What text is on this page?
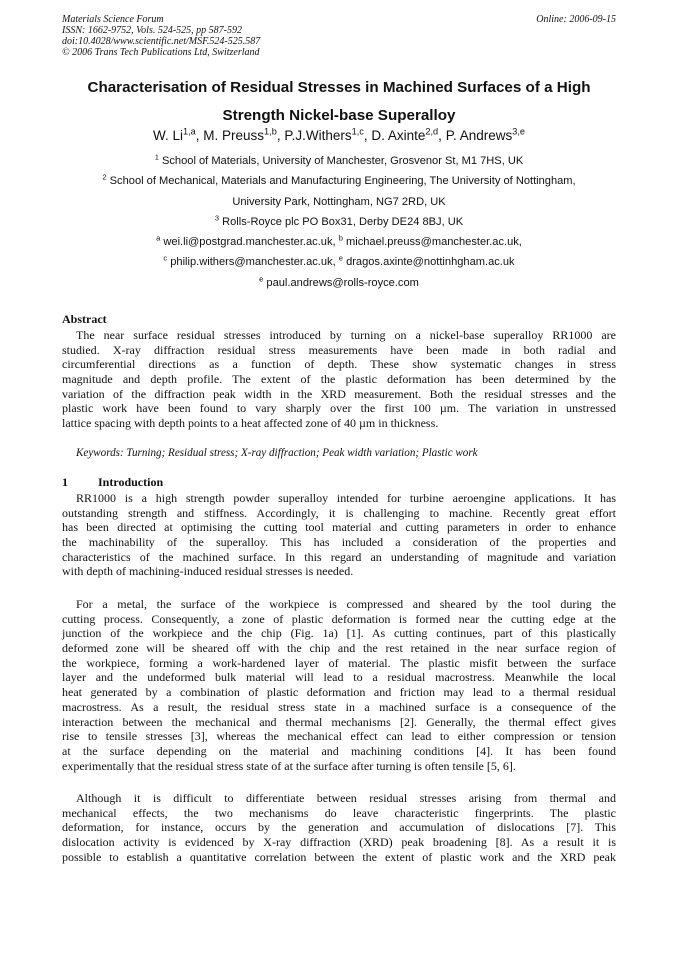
Materials Science Forum
ISSN: 1662-9752, Vols. 524-525, pp 587-592
doi:10.4028/www.scientific.net/MSF.524-525.587
© 2006 Trans Tech Publications Ltd, Switzerland
Online: 2006-09-15
Characterisation of Residual Stresses in Machined Surfaces of a High
Strength Nickel-base Superalloy
W. Li$^{1,a}$, M. Preuss$^{1,b}$, P.J.Withers$^{1,c}$, D. Axinte$^{2,d}$, P. Andrews$^{3,e}$
$^1$ School of Materials, University of Manchester, Grosvenor St, M1 7HS, UK
$^2$ School of Mechanical, Materials and Manufacturing Engineering, The University of Nottingham,
University Park, Nottingham, NG7 2RD, UK
$^3$ Rolls-Royce plc PO Box31, Derby DE24 8BJ, UK
$^a$ wei.li@postgrad.manchester.ac.uk, $^b$ michael.preuss@manchester.ac.uk,
$^c$ philip.withers@manchester.ac.uk, $^e$ dragos.axinte@nottinhgham.ac.uk
$^e$ paul.andrews@rolls-royce.com
Abstract
The near surface residual stresses introduced by turning on a nickel-base superalloy RR1000 are
studied. X-ray diffraction residual stress measurements have been made in both radial and
circumferential directions as a function of depth. These show systematic changes in stress
magnitude and depth profile. The extent of the plastic deformation has been determined by the
variation of the diffraction peak width in the XRD measurement. Both the residual stresses and the
plastic work have been found to vary sharply over the first 100 µm. The variation in unstressed
lattice spacing with depth points to a heat affected zone of 40 µm in thickness.
Keywords: Turning; Residual stress; X-ray diffraction; Peak width variation; Plastic work
1	Introduction
RR1000 is a high strength powder superalloy intended for turbine aeroengine applications. It has
outstanding strength and stiffness. Accordingly, it is challenging to machine. Recently great effort
has been directed at optimising the cutting tool material and cutting parameters in order to enhance
the machinability of the superalloy. This has included a consideration of the properties and
characteristics of the machined surface. In this regard an understanding of magnitude and variation
with depth of machining-induced residual stresses is needed.
For a metal, the surface of the workpiece is compressed and sheared by the tool during the
cutting process. Consequently, a zone of plastic deformation is formed near the cutting edge at the
junction of the workpiece and the chip (Fig. 1a) [1]. As cutting continues, part of this plastically
deformed zone will be sheared off with the chip and the rest retained in the near surface region of
the workpiece, forming a work-hardened layer of material. The plastic misfit between the surface
layer and the undeformed bulk material will lead to a residual macrostress. Meanwhile the local
heat generated by a combination of plastic deformation and friction may lead to a thermal residual
macrostress. As a result, the residual stress state in a machined surface is a consequence of the
interaction between the mechanical and thermal mechanisms [2]. Generally, the thermal effect gives
rise to tensile stresses [3], whereas the mechanical effect can lead to either compression or tension
at the surface depending on the material and machining conditions [4]. It has been found
experimentally that the residual stress state of at the surface after turning is often tensile [5, 6].
Although it is difficult to differentiate between residual stresses arising from thermal and
mechanical effects, the two mechanisms do leave characteristic fingerprints. The plastic
deformation, for instance, occurs by the generation and accumulation of dislocations [7]. This
dislocation activity is evidenced by X-ray diffraction (XRD) peak broadening [8]. As a result it is
possible to establish a quantitative correlation between the extent of plastic work and the XRD peak
